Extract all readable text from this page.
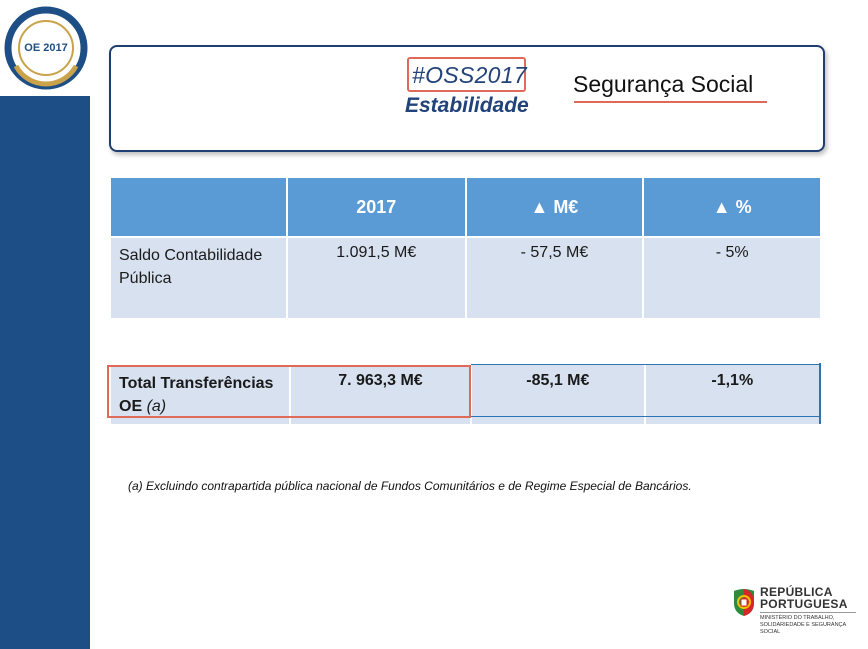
OE 2017
#OSS2017
Estabilidade
Segurança Social
	2017	▲ M€	▲ %
Saldo Contabilidade
Pública	1.091,5 M€	- 57,5 M€	- 5%
Total Transferências
OE (a)	7. 963,3 M€	-85,1 M€	-1,1%
(a) Excluindo contrapartida pública nacional de Fundos Comunitários e de Regime Especial de Bancários.
REPÚBLICA
PORTUGUESA
MINISTÉRIO DO TRABALHO,
SOLIDARIEDADE E SEGURANÇA SOCIAL
